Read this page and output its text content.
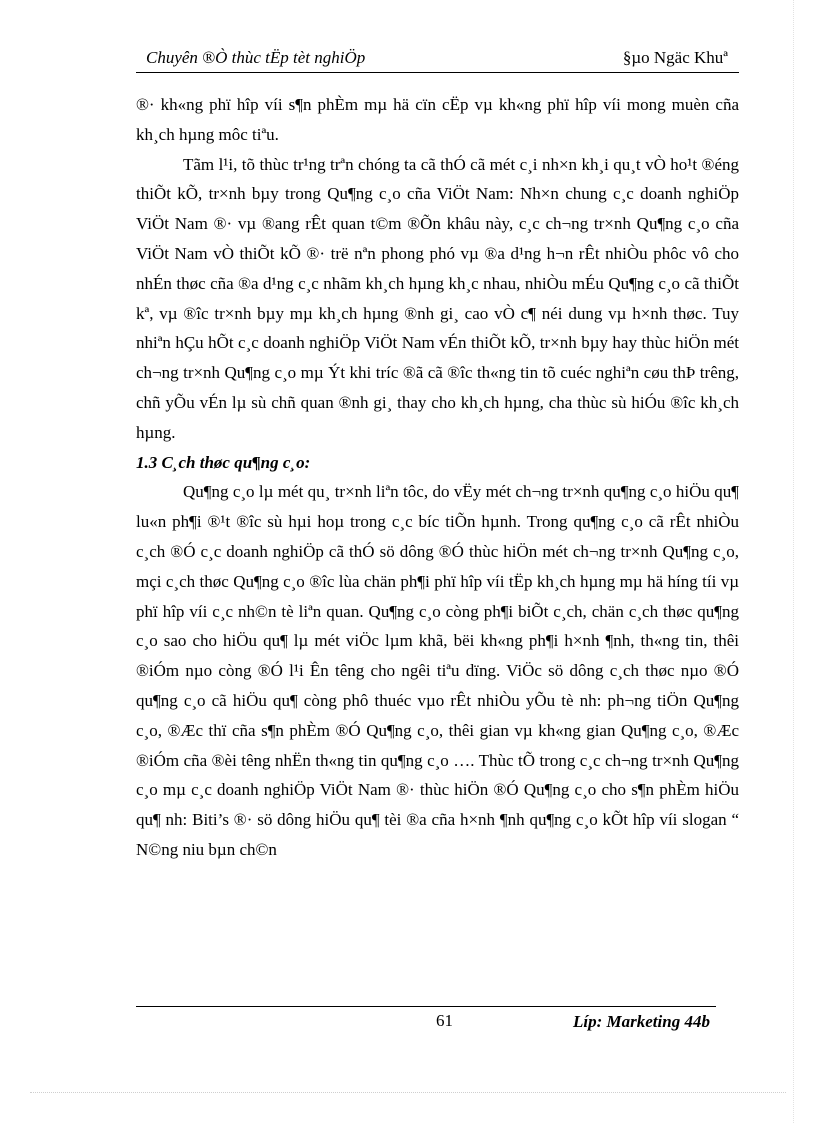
Chuyên ®Ò thùc tËp tèt nghiÖp	§µo Ngäc Khuª

®· kh«ng phï hîp víi s¶n phÈm mµ hä cïn cËp vµ kh«ng phï hîp víi mong muèn cña kh¸ch hµng môc tiªu.

Tãm l¹i, tõ thùc tr¹ng trªn chóng ta cã thÓ cã mét c¸i nh×n kh¸i qu¸t vÒ ho¹t ®éng thiÕt kÕ, tr×nh bµy trong Qu¶ng c¸o cña ViÖt Nam: Nh×n chung c¸c doanh nghiÖp ViÖt Nam ®· vµ ®ang rÊt quan t©m ®Õn khâu này, c¸c ch¬ng tr×nh Qu¶ng c¸o cña ViÖt Nam vÒ thiÕt kÕ ®· trë nªn phong phó vµ ®a d¹ng h¬n rÊt nhiÒu phôc vô cho nhÉn thøc cña ®a d¹ng c¸c nhãm kh¸ch hµng kh¸c nhau, nhiÒu mÉu Qu¶ng c¸o cã thiÕt kª, vµ ®îc tr×nh bµy mµ kh¸ch hµng ®nh gi¸ cao vÒ c¶ néi dung vµ h×nh thøc. Tuy nhiªn hÇu hÕt c¸c doanh nghiÖp ViÖt Nam vÉn thiÕt kÕ, tr×nh bµy hay thùc hiÖn mét ch¬ng tr×nh Qu¶ng c¸o mµ Ýt khi tríc ®ã cã ®îc th«ng tin tõ cuéc nghiªn cøu thÞ trêng, chñ yÕu vÉn lµ sù chñ quan ®nh gi¸ thay cho kh¸ch hµng, cha thùc sù hiÓu ®îc kh¸ch hµng.

1.3 C¸ch thøc qu¶ng c¸o:

Qu¶ng c¸o lµ mét qu¸ tr×nh liªn tôc, do vËy mét ch¬ng tr×nh qu¶ng c¸o hiÖu qu¶ lu«n ph¶i ®¹t ®îc sù hµi hoµ trong c¸c bíc tiÕn hµnh. Trong qu¶ng c¸o cã rÊt nhiÒu c¸ch ®Ó c¸c doanh nghiÖp cã thÓ sö dông ®Ó thùc hiÖn mét ch¬ng tr×nh Qu¶ng c¸o, mçi c¸ch thøc Qu¶ng c¸o ®îc lùa chän ph¶i phï hîp víi tËp kh¸ch hµng mµ hä híng tíi vµ phï hîp víi c¸c nh©n tè liªn quan. Qu¶ng c¸o còng ph¶i biÕt c¸ch, chän c¸ch thøc qu¶ng c¸o sao cho hiÖu qu¶ lµ mét viÖc lµm khã, bëi kh«ng ph¶i h×nh ¶nh, th«ng tin, thêi ®iÓm nµo còng ®Ó l¹i Ên têng cho ngêi tiªu dïng. ViÖc sö dông c¸ch thøc nµo ®Ó qu¶ng c¸o cã hiÖu qu¶ còng phô thuéc vµo rÊt nhiÒu yÕu tè nh: ph¬ng tiÖn Qu¶ng c¸o, ®Æc thï cña s¶n phÈm ®Ó Qu¶ng c¸o, thêi gian vµ kh«ng gian Qu¶ng c¸o, ®Æc ®iÓm cña ®èi têng nhËn th«ng tin qu¶ng c¸o …. Thùc tÕ trong c¸c ch¬ng tr×nh Qu¶ng c¸o mµ c¸c doanh nghiÖp ViÖt Nam ®· thùc hiÖn ®Ó Qu¶ng c¸o cho s¶n phÈm hiÖu qu¶ nh: Biti’s ®· sö dông hiÖu qu¶ tèi ®a cña h×nh ¶nh qu¶ng c¸o kÕt hîp víi slogan “ N©ng niu bµn ch©n

61	Líp: Marketing 44b
